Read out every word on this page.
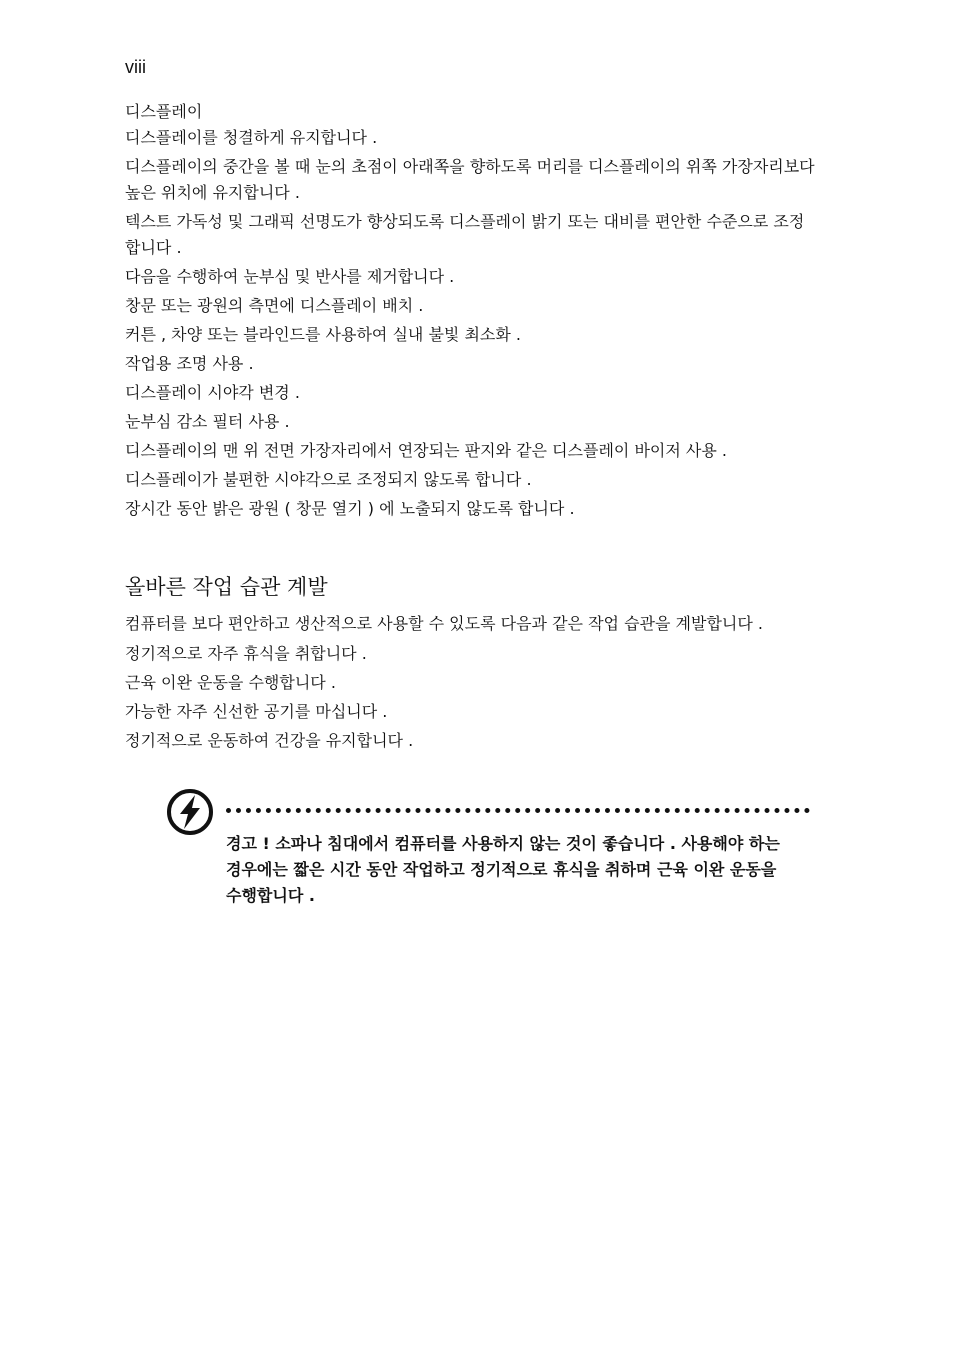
viii
디스플레이
디스플레이를 청결하게 유지합니다 .
디스플레이의 중간을 볼 때 눈의 초점이 아래쪽을 향하도록 머리를 디스플레이의 위쪽 가장자리보다 높은 위치에 유지합니다 .
텍스트 가독성 및 그래픽 선명도가 향상되도록 디스플레이 밝기 또는 대비를 편안한 수준으로 조정합니다 .
다음을 수행하여 눈부심 및 반사를 제거합니다 .
창문 또는 광원의 측면에 디스플레이 배치 .
커튼 , 차양 또는 블라인드를 사용하여 실내 불빛 최소화 .
작업용 조명 사용 .
디스플레이 시야각 변경 .
눈부심 감소 필터 사용 .
디스플레이의 맨 위 전면 가장자리에서 연장되는 판지와 같은 디스플레이 바이저 사용 .
디스플레이가 불편한 시야각으로 조정되지 않도록 합니다 .
장시간 동안 밝은 광원 ( 창문 열기 ) 에 노출되지 않도록 합니다 .
올바른 작업 습관 계발
컴퓨터를 보다 편안하고 생산적으로 사용할 수 있도록 다음과 같은 작업 습관을 계발합니다 .
정기적으로 자주 휴식을 취합니다 .
근육 이완 운동을 수행합니다 .
가능한 자주 신선한 공기를 마십니다 .
정기적으로 운동하여 건강을 유지합니다 .
경고 ! 소파나 침대에서 컴퓨터를 사용하지 않는 것이 좋습니다 . 사용해야 하는 경우에는 짧은 시간 동안 작업하고 정기적으로 휴식을 취하며 근육 이완 운동을 수행합니다 .
